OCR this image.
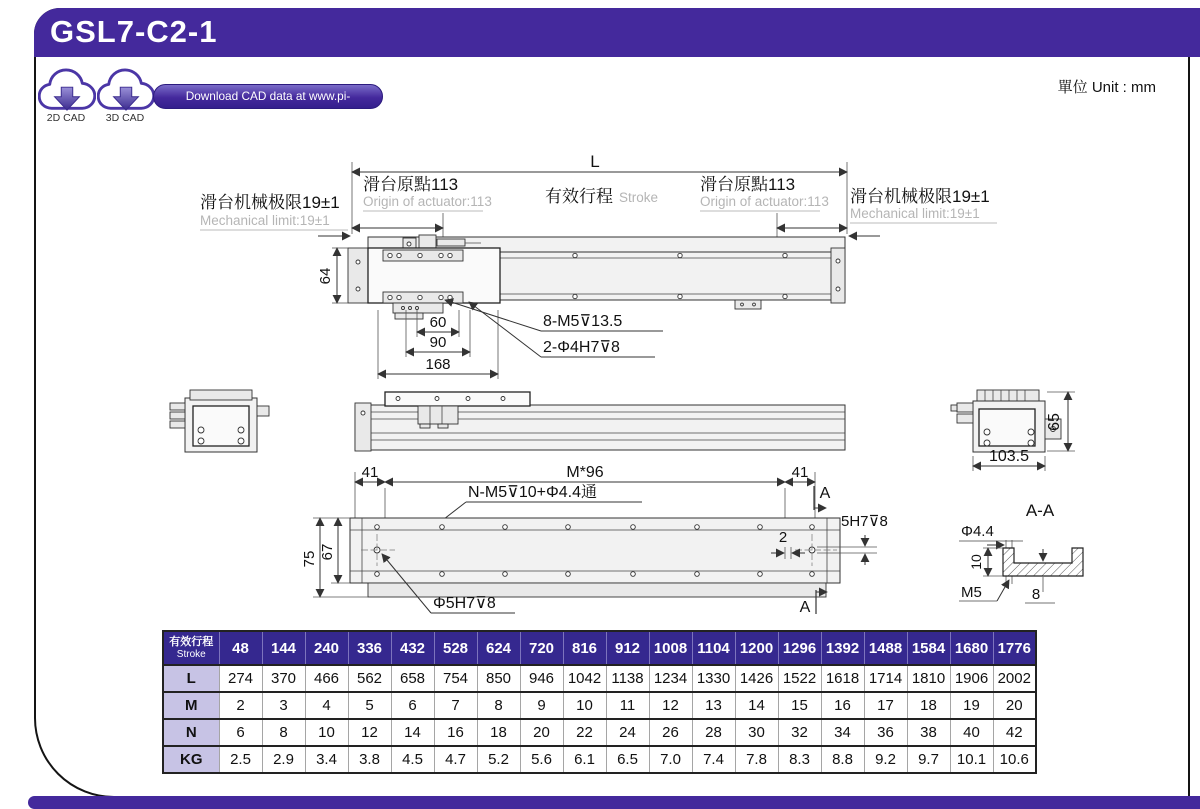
GSL7-C2-1
單位 Unit : mm
2D CAD	3D CAD
Download CAD data at www.pi-robot.com.cn
L
滑台机械极限19±1
Mechanical limit:19±1
滑台原點113
Origin of actuator:113	有效行程 Stroke
滑台原點113
Origin of actuator:113 滑台机械极限19±1
Mechanical limit:19±1
64
60
90
168
8-M5⊽13.5
2-Φ4H7⊽8
65
103.5
41	M*96	41
A
N-M5⊽10+Φ4.4通
67
75
Φ5H7⊽8
5H7⊽8
2
A
A-A
Φ4.4
10
M5	8
有效行程
Stroke	48	144	240	336	432	528	624	720	816	912	1008	1104	1200	1296	1392	1488	1584	1680	1776
L	274	370	466	562	658	754	850	946	1042	1138	1234	1330	1426	1522	1618	1714	1810	1906	2002
M	2	3	4	5	6	7	8	9	10	11	12	13	14	15	16	17	18	19	20
N	6	8	10	12	14	16	18	20	22	24	26	28	30	32	34	36	38	40	42
KG	2.5	2.9	3.4	3.8	4.5	4.7	5.2	5.6	6.1	6.5	7.0	7.4	7.8	8.3	8.8	9.2	9.7	10.1	10.6
